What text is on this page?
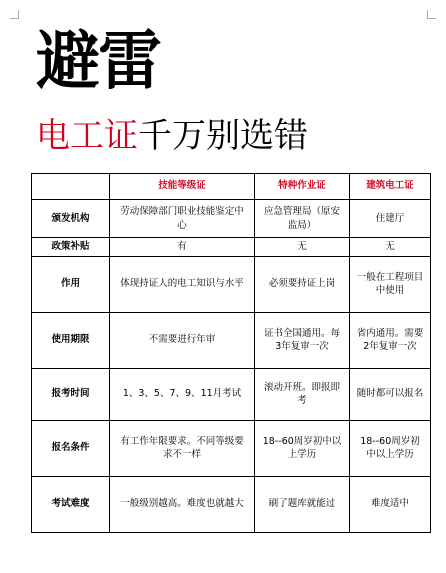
避雷
电工证千万别选错
	技能等级证	特种作业证	建筑电工证
颁发机构	劳动保障部门职业技能鉴定中心	应急管理局（原安监局）	住建厅
政策补贴	有	无	无
作用	体现持证人的电工知识与水平	必须要持证上岗	一般在工程项目中使用
使用期限	不需要进行年审	证书全国通用。每3年复审一次	省内通用。需要2年复审一次
报考时间	1、3、5、7、9、11月考试	滚动开班。即报即考	随时都可以报名
报名条件	有工作年限要求。不同等级要求不一样	18--60周岁初中以上学历	18--60周岁初中以上学历
考试难度	一般级别越高。难度也就越大	刷了题库就能过	难度适中
